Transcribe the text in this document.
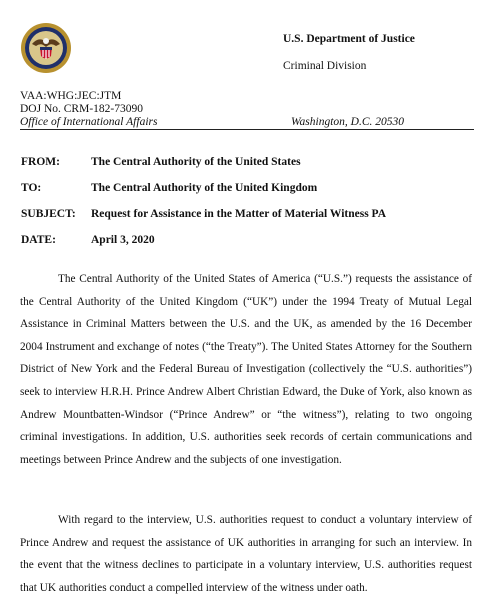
U.S. Department of Justice
Criminal Division
VAA:WHG:JEC:JTM
DOJ No. CRM-182-73090
Office of International Affairs	Washington, D.C. 20530
FROM:	The Central Authority of the United States
TO:	The Central Authority of the United Kingdom
SUBJECT: Request for Assistance in the Matter of Material Witness PA
DATE:	April 3, 2020
The Central Authority of the United States of America (“U.S.”) requests the assistance of the Central Authority of the United Kingdom (“UK”) under the 1994 Treaty of Mutual Legal Assistance in Criminal Matters between the U.S. and the UK, as amended by the 16 December 2004 Instrument and exchange of notes (“the Treaty”). The United States Attorney for the Southern District of New York and the Federal Bureau of Investigation (collectively the “U.S. authorities”) seek to interview H.R.H. Prince Andrew Albert Christian Edward, the Duke of York, also known as Andrew Mountbatten-Windsor (“Prince Andrew” or “the witness”), relating to two ongoing criminal investigations. In addition, U.S. authorities seek records of certain communications and meetings between Prince Andrew and the subjects of one investigation.
With regard to the interview, U.S. authorities request to conduct a voluntary interview of Prince Andrew and request the assistance of UK authorities in arranging for such an interview. In the event that the witness declines to participate in a voluntary interview, U.S. authorities request that UK authorities conduct a compelled interview of the witness under oath.
